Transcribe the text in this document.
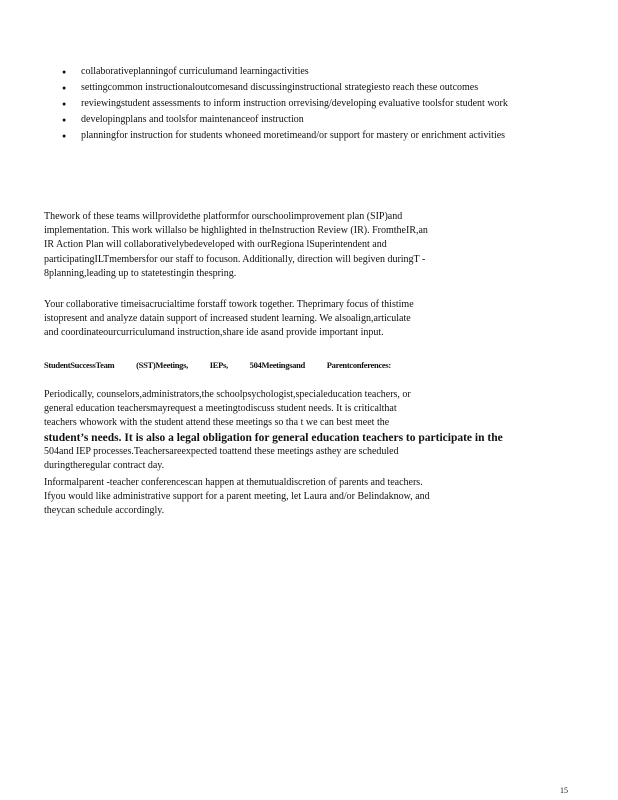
● collaborativeplanningof curriculumand learningactivities
● settingcommon instructionaloutcomesand discussinginstructional strategiesto reach these outcomes
● reviewingstudent assessments to inform instruction orrevising/developing evaluative toolsfor student work
● developingplans and toolsfor maintenanceof instruction
● planningfor instruction for students whoneed moretimeand/or support for mastery or enrichment activities
Thework of these teams willprovidethe platformfor ourschoolimprovement plan (SIP)and
implementation. This work willalso be highlighted in theInstruction Review (IR). FromtheIR,an
IR Action Plan will collaborativelybedeveloped with ourRegiona lSuperintendent and
participatingILTmembersfor our staff to focuson. Additionally, direction will begiven duringT -
8planning,leading up to statetestingin thespring.
Your collaborative timeisacrucialtime forstaff towork together. Theprimary focus of thistime
istopresent and analyze datain support of increased student learning. We alsoalign,articulate
and coordinateourcurriculumand instruction,share ide asand provide important input.
StudentSuccessTeam (SST)Meetings, IEPs, 504Meetingsand Parentconferences:
Periodically, counselors,administrators,the schoolpsychologist,specialeducation teachers, or
general education teachersmayrequest a meetingtodiscuss student needs. It is criticalthat
teachers whowork with the student attend these meetings so tha t we can best meet the
student’s needs. It is also a legal obligation for general education teachers to participate in the
504and IEP processes.Teachersareexpected toattend these meetings asthey are scheduled
duringtheregular contract day.
Informalparent -teacher conferencescan happen at themutualdiscretion of parents and teachers.
Ifyou would like administrative support for a parent meeting, let Laura and/or Belindaknow, and
theycan schedule accordingly.
15
